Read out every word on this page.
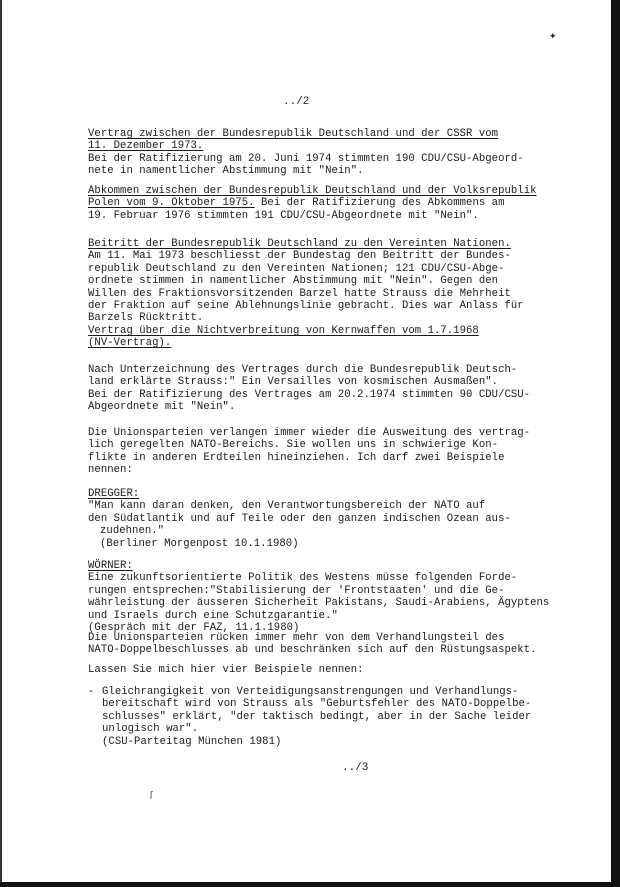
✦
ʃ
../2
Vertrag zwischen der Bundesrepublik Deutschland und der CSSR vom
11. Dezember 1973.
Bei der Ratifizierung am 20. Juni 1974 stimmten 190 CDU/CSU-Abgeord-
nete in namentlicher Abstimmung mit "Nein".
Abkommen zwischen der Bundesrepublik Deutschland und der Volksrepublik
Polen vom 9. Oktober 1975. Bei der Ratifizierung des Abkommens am
19. Februar 1976 stimmten 191 CDU/CSU-Abgeordnete mit "Nein".
Beitritt der Bundesrepublik Deutschland zu den Vereinten Nationen.
Am 11. Mai 1973 beschliesst der Bundestag den Beitritt der Bundes-
republik Deutschland zu den Vereinten Nationen; 121 CDU/CSU-Abge-
ordnete stimmen in namentlicher Abstimmung mit "Nein". Gegen den
Willen des Fraktionsvorsitzenden Barzel hatte Strauss die Mehrheit
der Fraktion auf seine Ablehnungslinie gebracht. Dies war Anlass für
Barzels Rücktritt.
Vertrag über die Nichtverbreitung von Kernwaffen vom 1.7.1968
(NV-Vertrag).
Nach Unterzeichnung des Vertrages durch die Bundesrepublik Deutsch-
land erklärte Strauss:" Ein Versailles von kosmischen Ausmaßen".
Bei der Ratifizierung des Vertrages am 20.2.1974 stimmten 90 CDU/CSU-
Abgeordnete mit "Nein".
Die Unionsparteien verlangen immer wieder die Ausweitung des vertrag-
lich geregelten NATO-Bereichs. Sie wollen uns in schwierige Kon-
flikte in anderen Erdteilen hineinziehen. Ich darf zwei Beispiele
nennen:
DREGGER:
"Man kann daran denken, den Verantwortungsbereich der NATO auf
den Südatlantik und auf Teile oder den ganzen indischen Ozean aus-
zudehnen."
(Berliner Morgenpost 10.1.1980)
WÖRNER:
Eine zukunftsorientierte Politik des Westens müsse folgenden Forde-
rungen entsprechen:"Stabilisierung der 'Frontstaaten' und die Ge-
währleistung der äusseren Sicherheit Pakistans, Saudi-Arabiens, Ägyptens
und Israels durch eine Schutzgarantie."
(Gespräch mit der FAZ, 11.1.1980)
Die Unionsparteien rücken immer mehr von dem Verhandlungsteil des
NATO-Doppelbeschlusses ab und beschränken sich auf den Rüstungsaspekt.
Lassen Sie mich hier vier Beispiele nennen:
- Gleichrangigkeit von Verteidigungsanstrengungen und Verhandlungs-
bereitschaft wird von Strauss als "Geburtsfehler des NATO-Doppelbe-
schlusses" erklärt, "der taktisch bedingt, aber in der Sache leider
unlogisch war".
(CSU-Parteitag München 1981)
../3
